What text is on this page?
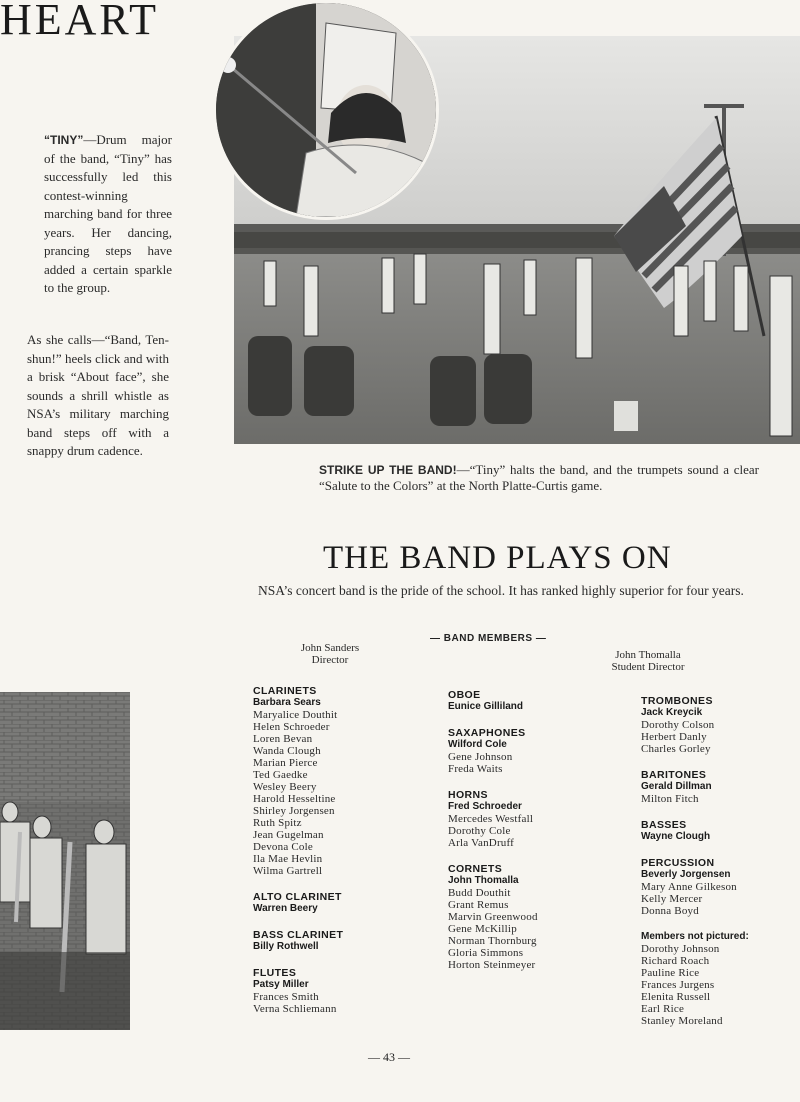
HEART
“TINY”—Drum major of the band, “Tiny” has successfully led this contest-winning marching band for three years. Her dancing, prancing steps have added a certain sparkle to the group.
As she calls—“Band, Ten-shun!” heels click and with a brisk “About face”, she sounds a shrill whistle as NSA’s military marching band steps off with a snappy drum cadence.
STRIKE UP THE BAND!—“Tiny” halts the band, and the trumpets sound a clear “Salute to the Colors” at the North Platte-Curtis game.
THE BAND PLAYS ON
NSA’s concert band is the pride of the school. It has ranked highly superior for four years.
John Sanders
Director
— BAND MEMBERS —
John Thomalla
Student Director
CLARINETS
Barbara Sears
Maryalice Douthit
Helen Schroeder
Loren Bevan
Wanda Clough
Marian Pierce
Ted Gaedke
Wesley Beery
Harold Hesseltine
Shirley Jorgensen
Ruth Spitz
Jean Gugelman
Devona Cole
Ila Mae Hevlin
Wilma Gartrell
ALTO CLARINET
Warren Beery
BASS CLARINET
Billy Rothwell
FLUTES
Patsy Miller
Frances Smith
Verna Schliemann
OBOE
Eunice Gilliland
SAXAPHONES
Wilford Cole
Gene Johnson
Freda Waits
HORNS
Fred Schroeder
Mercedes Westfall
Dorothy Cole
Arla VanDruff
CORNETS
John Thomalla
Budd Douthit
Grant Remus
Marvin Greenwood
Gene McKillip
Norman Thornburg
Gloria Simmons
Horton Steinmeyer
TROMBONES
Jack Kreycik
Dorothy Colson
Herbert Danly
Charles Gorley
BARITONES
Gerald Dillman
Milton Fitch
BASSES
Wayne Clough
PERCUSSION
Beverly Jorgensen
Mary Anne Gilkeson
Kelly Mercer
Donna Boyd
Members not pictured:
Dorothy Johnson
Richard Roach
Pauline Rice
Frances Jurgens
Elenita Russell
Earl Rice
Stanley Moreland
— 43 —
